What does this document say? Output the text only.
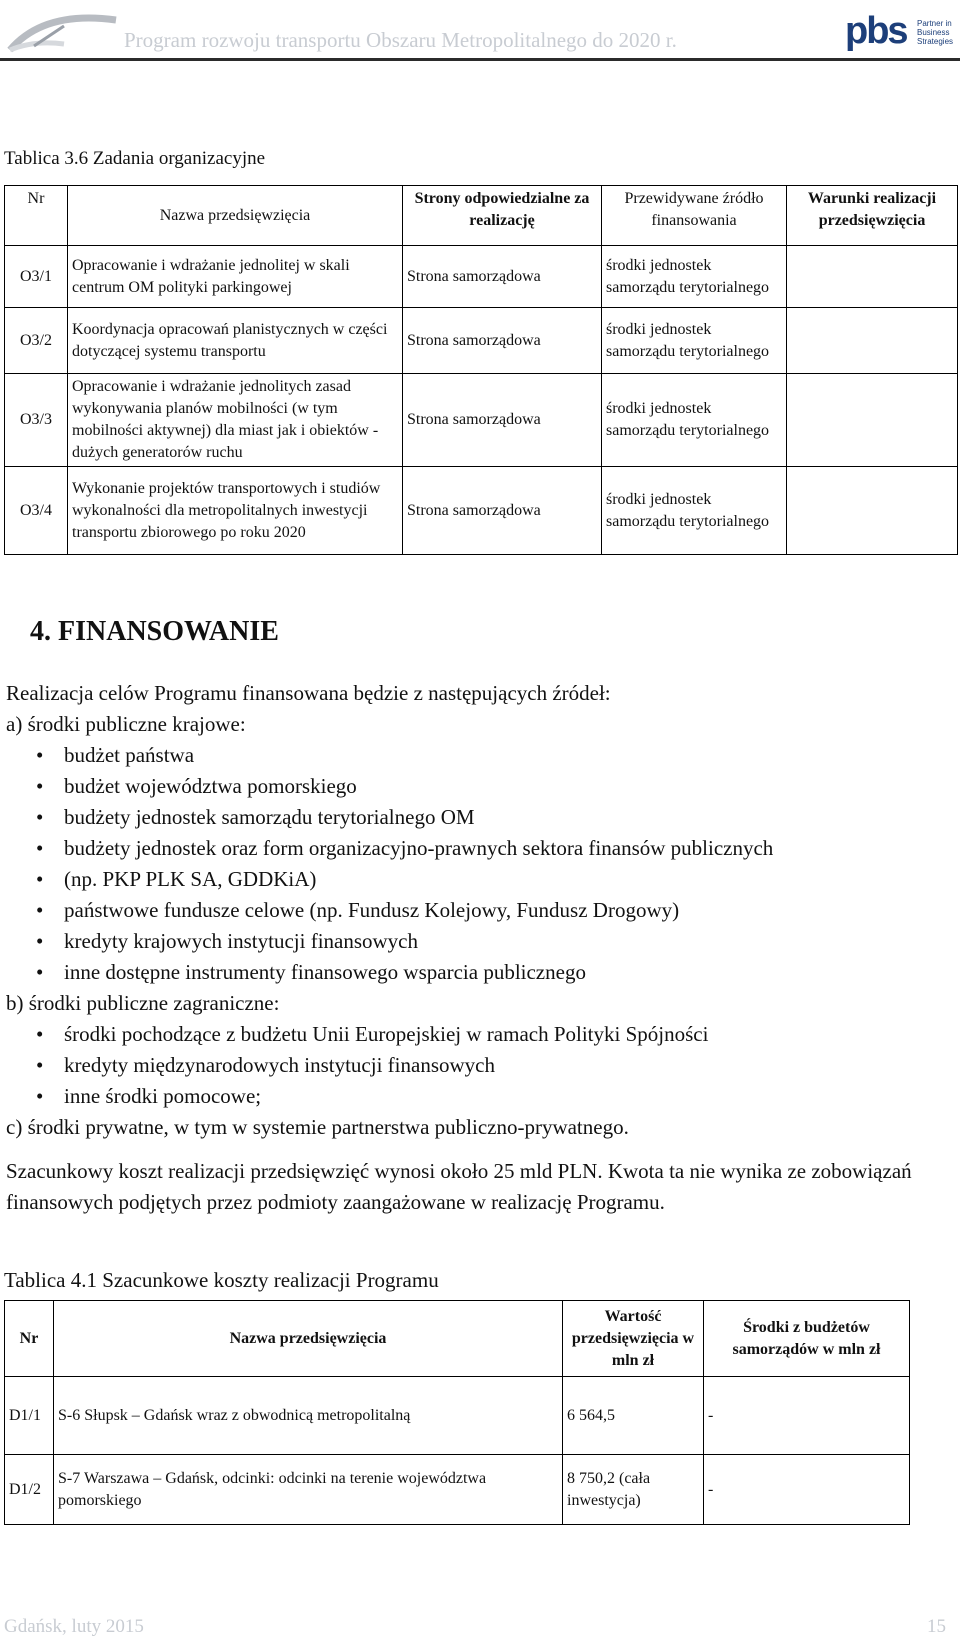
Program rozwoju transportu Obszaru Metropolitalnego do 2020 r.	pbs Partner in Business Strategies
Tablica 3.6 Zadania organizacyjne
Nr	Nazwa przedsięwzięcia	Strony odpowiedzialne za realizację	Przewidywane źródło finansowania	Warunki realizacji przedsięwzięcia
O3/1	Opracowanie i wdrażanie jednolitej w skali centrum OM polityki parkingowej	Strona samorządowa	środki jednostek samorządu terytorialnego	
O3/2	Koordynacja opracowań planistycznych w części dotyczącej systemu transportu	Strona samorządowa	środki jednostek samorządu terytorialnego	
O3/3	Opracowanie i wdrażanie jednolitych zasad wykonywania planów mobilności (w tym mobilności aktywnej) dla miast jak i obiektów - dużych generatorów ruchu	Strona samorządowa	środki jednostek samorządu terytorialnego	
O3/4	Wykonanie projektów transportowych i studiów wykonalności dla metropolitalnych inwestycji transportu zbiorowego po roku 2020	Strona samorządowa	środki jednostek samorządu terytorialnego	
4. FINANSOWANIE

Realizacja celów Programu finansowana będzie z następujących źródeł:

a) środki publiczne krajowe:

• budżet państwa
• budżet województwa pomorskiego
• budżety jednostek samorządu terytorialnego OM
• budżety jednostek oraz form organizacyjno-prawnych sektora finansów publicznych
• (np. PKP PLK SA, GDDKiA)
• państwowe fundusze celowe (np. Fundusz Kolejowy, Fundusz Drogowy)
• kredyty krajowych instytucji finansowych
• inne dostępne instrumenty finansowego wsparcia publicznego

b) środki publiczne zagraniczne:

• środki pochodzące z budżetu Unii Europejskiej w ramach Polityki Spójności
• kredyty międzynarodowych instytucji finansowych
• inne środki pomocowe;

c) środki prywatne, w tym w systemie partnerstwa publiczno-prywatnego.

Szacunkowy koszt realizacji przedsięwzięć wynosi około 25 mld PLN. Kwota ta nie wynika ze zobowiązań finansowych podjętych przez podmioty zaangażowane w realizację Programu.

Tablica 4.1 Szacunkowe koszty realizacji Programu
Nr	Nazwa przedsięwzięcia	Wartość przedsięwzięcia w mln zł	Środki z budżetów samorządów w mln zł
D1/1	S-6 Słupsk – Gdańsk wraz z obwodnicą metropolitalną	6 564,5	-
D1/2	S-7 Warszawa – Gdańsk, odcinki: odcinki na terenie województwa pomorskiego	8 750,2 (cała inwestycja)	-
Gdańsk, luty 2015	15
